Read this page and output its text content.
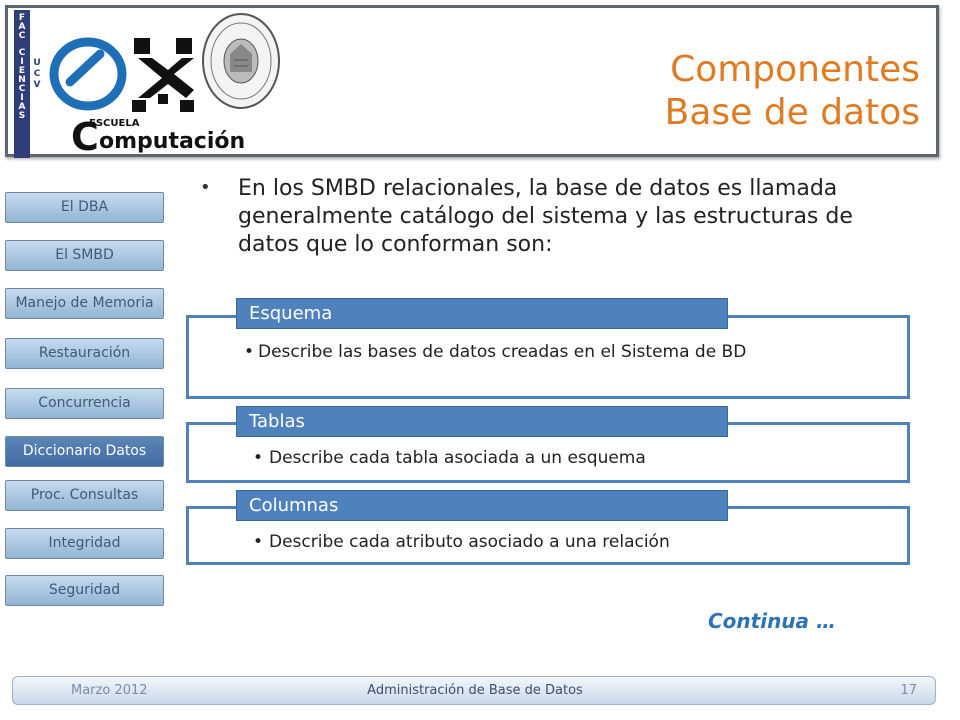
F
A
C
C
I
E
N
C
I
A
S
U
C
V
ESCUELA
C omputación
Componentes
Base de datos
El DBA
El SMBD
Manejo de Memoria
Restauración
Concurrencia
Diccionario Datos
Proc. Consultas
Integridad
Seguridad
• En los SMBD relacionales, la base de datos es llamada generalmente catálogo del sistema y las estructuras de datos que lo conforman son:
Esquema
• Describe las bases de datos creadas en el Sistema de BD
Tablas
• Describe cada tabla asociada a un esquema
Columnas
• Describe cada atributo asociado a una relación
Continua …
Marzo 2012	Administración de Base de Datos	17
